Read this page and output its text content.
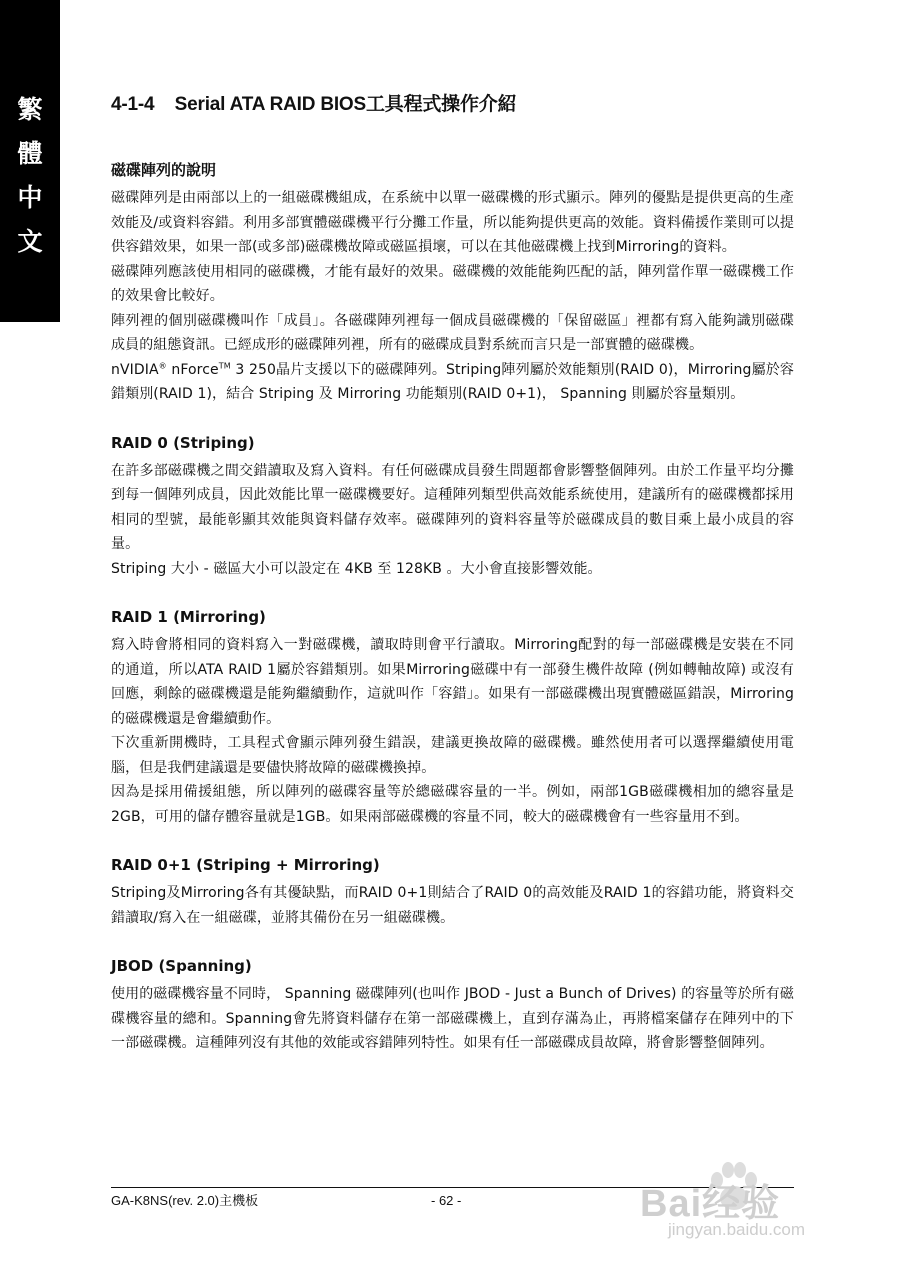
繁
體
中
文
4-1-4    Serial ATA RAID BIOS工具程式操作介紹
磁碟陣列的說明

磁碟陣列是由兩部以上的一組磁碟機組成，在系統中以單一磁碟機的形式顯示。陣列的優點是提供更高的生產效能及/或資料容錯。利用多部實體磁碟機平行分攤工作量，所以能夠提供更高的效能。資料備援作業則可以提供容錯效果，如果一部(或多部)磁碟機故障或磁區損壞，可以在其他磁碟機上找到Mirroring的資料。

磁碟陣列應該使用相同的磁碟機，才能有最好的效果。磁碟機的效能能夠匹配的話，陣列當作單一磁碟機工作的效果會比較好。

陣列裡的個別磁碟機叫作「成員」。各磁碟陣列裡每一個成員磁碟機的「保留磁區」裡都有寫入能夠識別磁碟成員的組態資訊。已經成形的磁碟陣列裡，所有的磁碟成員對系統而言只是一部實體的磁碟機。

nVIDIA® nForce™ 3 250晶片支援以下的磁碟陣列。Striping陣列屬於效能類別(RAID 0)，Mirroring屬於容錯類別(RAID 1)，結合 Striping 及 Mirroring 功能類別(RAID 0+1)， Spanning 則屬於容量類別。

RAID 0 (Striping)

在許多部磁碟機之間交錯讀取及寫入資料。有任何磁碟成員發生問題都會影響整個陣列。由於工作量平均分攤到每一個陣列成員，因此效能比單一磁碟機要好。這種陣列類型供高效能系統使用，建議所有的磁碟機都採用相同的型號，最能彰顯其效能與資料儲存效率。磁碟陣列的資料容量等於磁碟成員的數目乘上最小成員的容量。

Striping 大小 - 磁區大小可以設定在 4KB 至 128KB 。大小會直接影響效能。

RAID 1 (Mirroring)

寫入時會將相同的資料寫入一對磁碟機，讀取時則會平行讀取。Mirroring配對的每一部磁碟機是安裝在不同的通道，所以ATA RAID 1屬於容錯類別。如果Mirroring磁碟中有一部發生機件故障 (例如轉軸故障) 或沒有回應，剩餘的磁碟機還是能夠繼續動作，這就叫作「容錯」。如果有一部磁碟機出現實體磁區錯誤，Mirroring的磁碟機還是會繼續動作。

下次重新開機時，工具程式會顯示陣列發生錯誤，建議更換故障的磁碟機。雖然使用者可以選擇繼續使用電腦，但是我們建議還是要儘快將故障的磁碟機換掉。

因為是採用備援組態，所以陣列的磁碟容量等於總磁碟容量的一半。例如，兩部1GB磁碟機相加的總容量是2GB，可用的儲存體容量就是1GB。如果兩部磁碟機的容量不同，較大的磁碟機會有一些容量用不到。

RAID 0+1 (Striping + Mirroring)

Striping及Mirroring各有其優缺點，而RAID 0+1則結合了RAID 0的高效能及RAID 1的容錯功能，將資料交錯讀取/寫入在一組磁碟，並將其備份在另一組磁碟機。

JBOD (Spanning)

使用的磁碟機容量不同時， Spanning 磁碟陣列(也叫作 JBOD - Just a Bunch of Drives) 的容量等於所有磁碟機容量的總和。Spanning會先將資料儲存在第一部磁碟機上，直到存滿為止，再將檔案儲存在陣列中的下一部磁碟機。這種陣列沒有其他的效能或容錯陣列特性。如果有任一部磁碟成員故障，將會影響整個陣列。

GA-K8NS(rev. 2.0)主機板	- 62 -	Bai经验
jingyan.baidu.com
